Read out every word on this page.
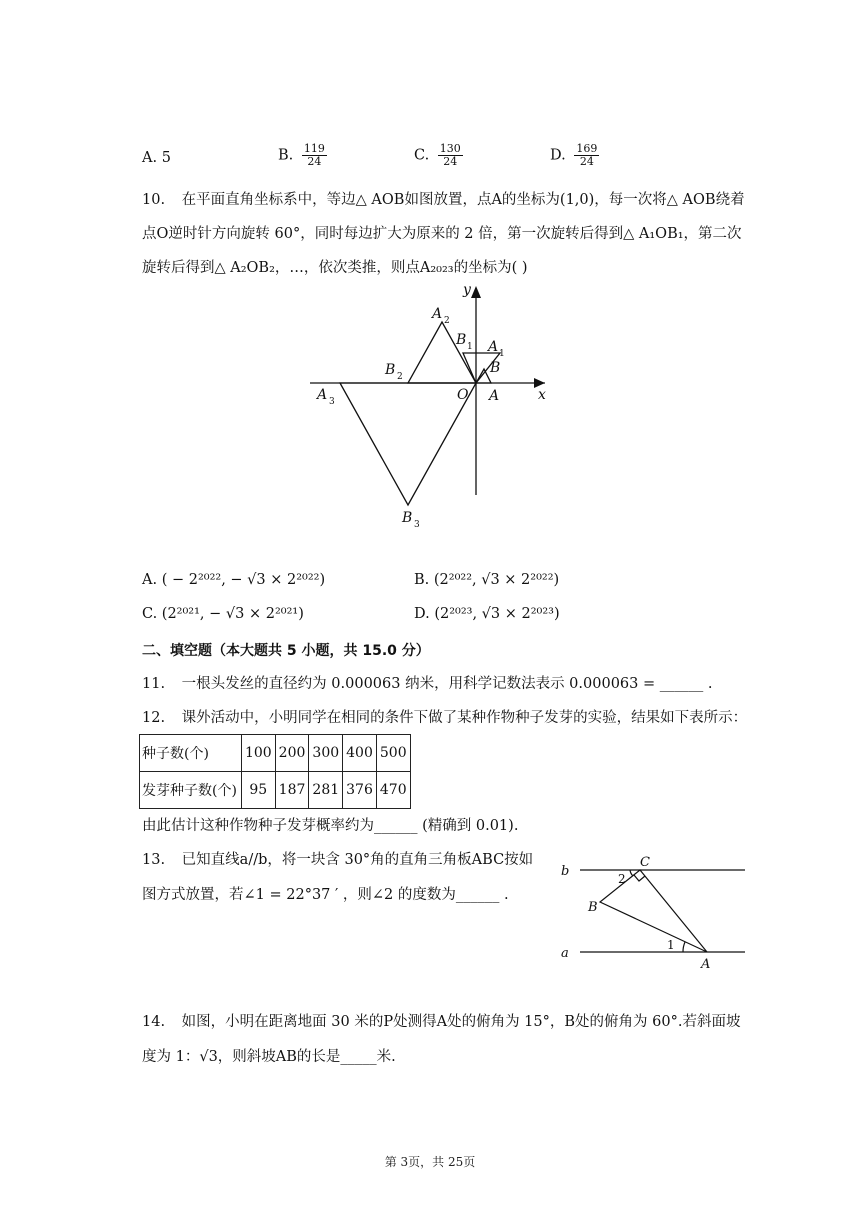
A. 5	B. $\frac{119}{24}$	C. $\frac{130}{24}$	D. $\frac{169}{24}$
10. 在平面直角坐标系中，等边△ AOB如图放置，点A的坐标为(1,0)，每一次将△ AOB绕着
点O逆时针方向旋转 60°，同时每边扩大为原来的 2 倍，第一次旋转后得到△ A₁OB₁，第二次
旋转后得到△ A₂OB₂，…，依次类推，则点A₂₀₂₃的坐标为( )
y
x
O A
B
A 1
B 1
A 2
B 2
A 3
B 3
A. ( − 2²⁰²², − √3 × 2²⁰²²)	B. (2²⁰²², √3 × 2²⁰²²)
C. (2²⁰²¹, − √3 × 2²⁰²¹)	D. (2²⁰²³, √3 × 2²⁰²³)
二、填空题（本大题共 5 小题，共 15.0 分）
11. 一根头发丝的直径约为 0.000063 纳米，用科学记数法表示 0.000063 = ______ .
12. 课外活动中，小明同学在相同的条件下做了某种作物种子发芽的实验，结果如下表所示：
种子数(个)	100	200	300	400	500
发芽种子数(个)	95	187	281	376	470
由此估计这种作物种子发芽概率约为______ (精确到 0.01).
13. 已知直线a//b，将一块含 30°角的直角三角板ABC按如
图方式放置，若∠1 = 22°37 ′ ，则∠2 的度数为______ .
b
a
C
B
A
1
2
14. 如图，小明在距离地面 30 米的P处测得A处的俯角为 15°，B处的俯角为 60°.若斜面坡
度为 1：√3，则斜坡AB的长是_____米.
第 3页，共 25页
